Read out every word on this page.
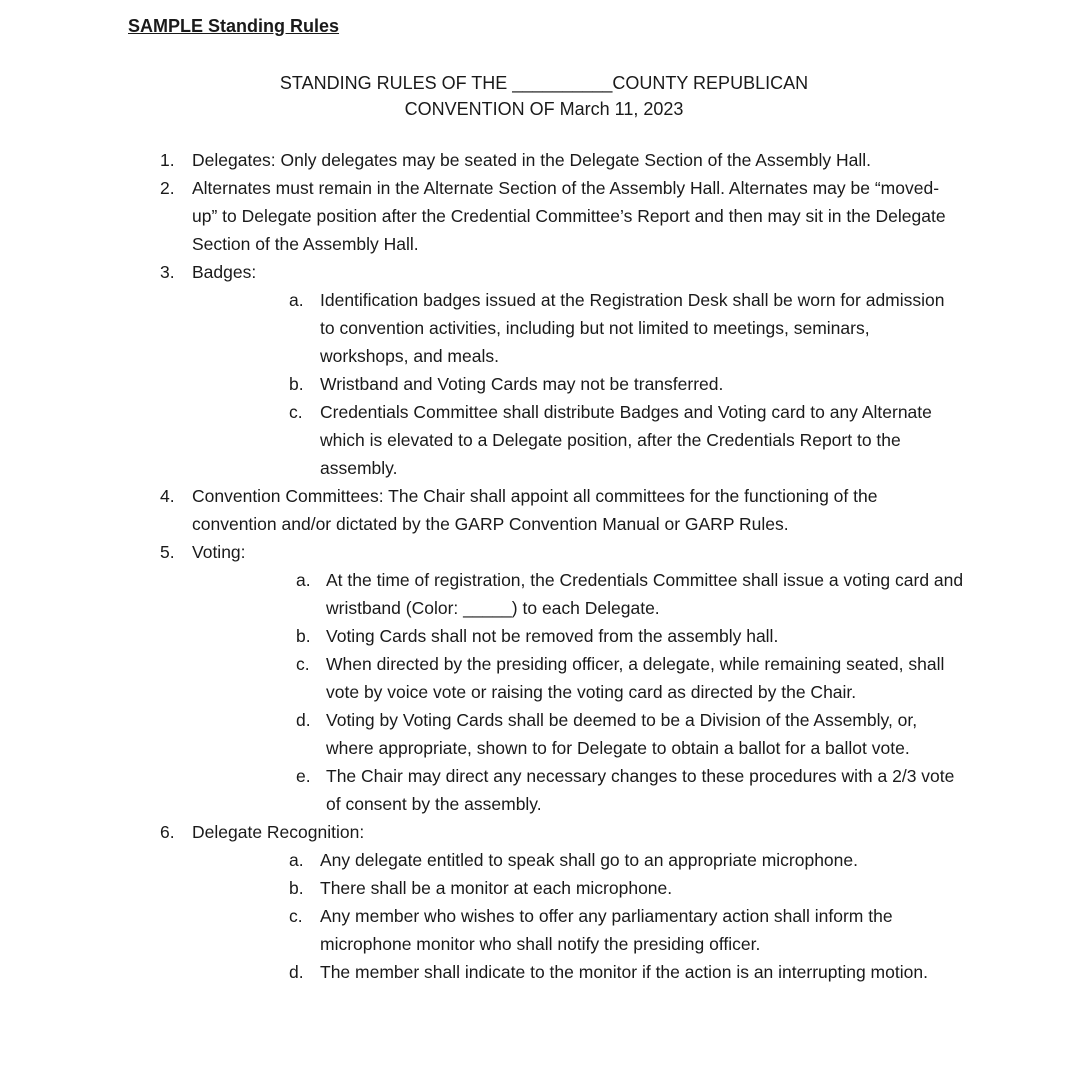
SAMPLE Standing Rules
STANDING RULES OF THE __________COUNTY REPUBLICAN
CONVENTION OF March 11, 2023
1. Delegates: Only delegates may be seated in the Delegate Section of the Assembly Hall.
2. Alternates must remain in the Alternate Section of the Assembly Hall. Alternates may be “moved-up” to Delegate position after the Credential Committee’s Report and then may sit in the Delegate Section of the Assembly Hall.
3. Badges:
a. Identification badges issued at the Registration Desk shall be worn for admission to convention activities, including but not limited to meetings, seminars, workshops, and meals.
b. Wristband and Voting Cards may not be transferred.
c. Credentials Committee shall distribute Badges and Voting card to any Alternate which is elevated to a Delegate position, after the Credentials Report to the assembly.
4. Convention Committees: The Chair shall appoint all committees for the functioning of the convention and/or dictated by the GARP Convention Manual or GARP Rules.
5. Voting:
a. At the time of registration, the Credentials Committee shall issue a voting card and wristband (Color: _____) to each Delegate.
b. Voting Cards shall not be removed from the assembly hall.
c. When directed by the presiding officer, a delegate, while remaining seated, shall vote by voice vote or raising the voting card as directed by the Chair.
d. Voting by Voting Cards shall be deemed to be a Division of the Assembly, or, where appropriate, shown to for Delegate to obtain a ballot for a ballot vote.
e. The Chair may direct any necessary changes to these procedures with a 2/3 vote of consent by the assembly.
6. Delegate Recognition:
a. Any delegate entitled to speak shall go to an appropriate microphone.
b. There shall be a monitor at each microphone.
c. Any member who wishes to offer any parliamentary action shall inform the microphone monitor who shall notify the presiding officer.
d. The member shall indicate to the monitor if the action is an interrupting motion.
